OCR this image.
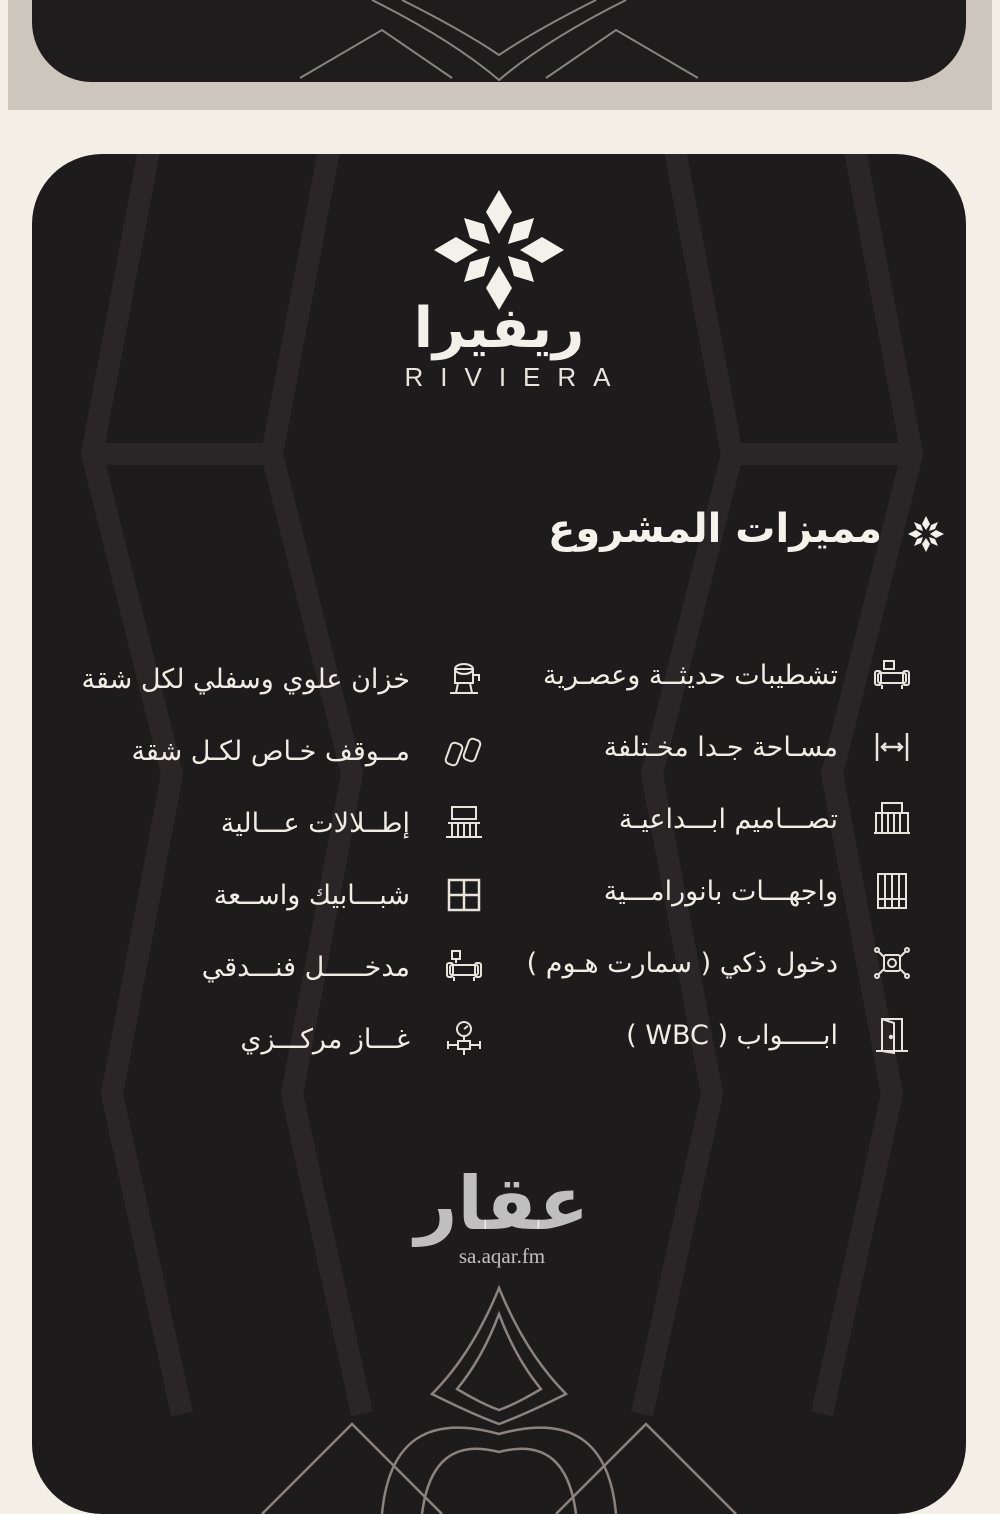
ريفيرا
RIVIERA
مميزات المشروع
تشطيبات حديثــة وعصـرية
مسـاحة جـدا مخـتلفة
تصـــاميم ابـــداعيـة
واجهـــات بانورامـــية
دخول ذكي ( سمارت هـوم )
ابـــــواب ( WBC )
خزان علوي وسفلي لكل شقة
مــوقف خـاص لكـل شقة
إطــلالات عـــالية
شبـــابيك واســعة
مدخـــــل فنـــدقي
غـــاز مركـــزي
عقار
sa.aqar.fm
